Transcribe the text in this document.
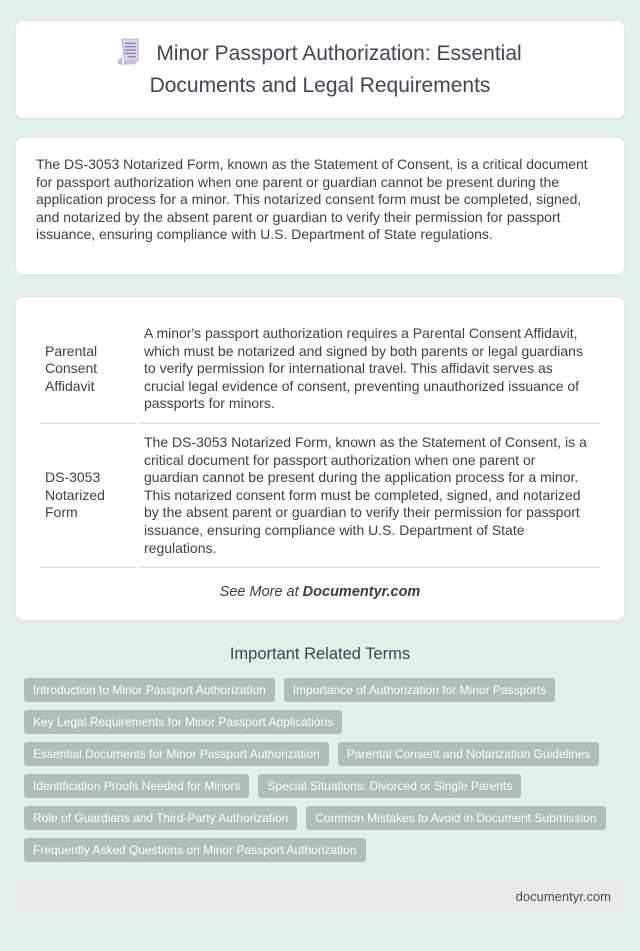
Minor Passport Authorization: Essential Documents and Legal Requirements

The DS-3053 Notarized Form, known as the Statement of Consent, is a critical document for passport authorization when one parent or guardian cannot be present during the application process for a minor. This notarized consent form must be completed, signed, and notarized by the absent parent or guardian to verify their permission for passport issuance, ensuring compliance with U.S. Department of State regulations.

Parental Consent Affidavit	A minor's passport authorization requires a Parental Consent Affidavit, which must be notarized and signed by both parents or legal guardians to verify permission for international travel. This affidavit serves as crucial legal evidence of consent, preventing unauthorized issuance of passports for minors.
DS-3053 Notarized Form	The DS-3053 Notarized Form, known as the Statement of Consent, is a critical document for passport authorization when one parent or guardian cannot be present during the application process for a minor. This notarized consent form must be completed, signed, and notarized by the absent parent or guardian to verify their permission for passport issuance, ensuring compliance with U.S. Department of State regulations.

See More at Documentyr.com

Important Related Terms
Introduction to Minor Passport Authorization	Importance of Authorization for Minor Passports
Key Legal Requirements for Minor Passport Applications
Essential Documents for Minor Passport Authorization	Parental Consent and Notarization Guidelines
Identification Proofs Needed for Minors	Special Situations: Divorced or Single Parents
Role of Guardians and Third-Party Authorization	Common Mistakes to Avoid in Document Submission
Frequently Asked Questions on Minor Passport Authorization
documentyr.com
